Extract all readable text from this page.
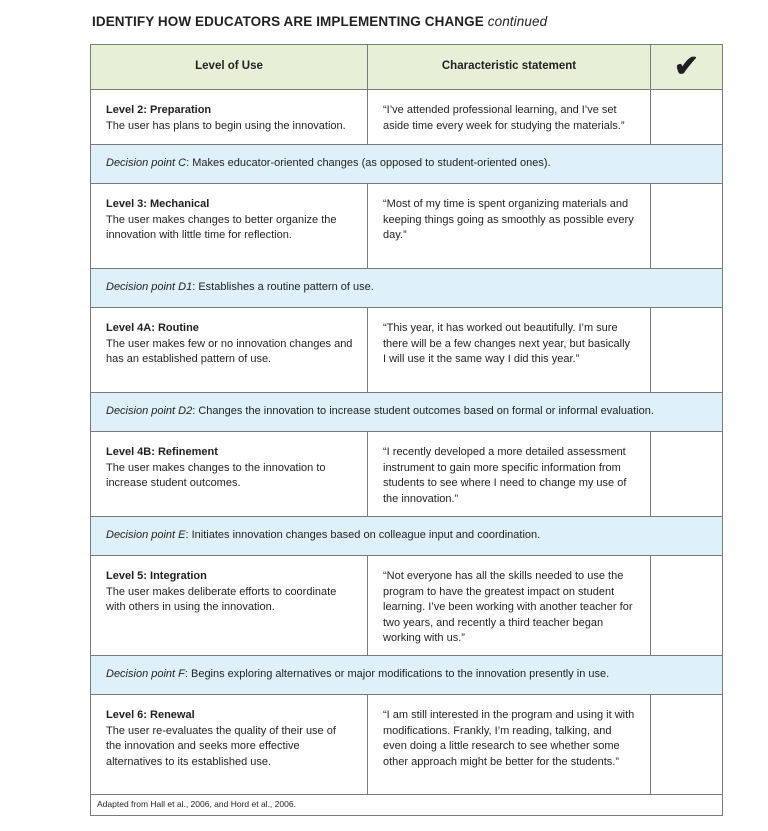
IDENTIFY HOW EDUCATORS ARE IMPLEMENTING CHANGE continued
Level of Use	Characteristic statement	✔

Level 2: Preparation
The user has plans to begin using the innovation.	“I’ve attended professional learning, and I’ve set aside time every week for studying the materials.”	
Decision point C: Makes educator-oriented changes (as opposed to student-oriented ones).		

Level 3: Mechanical
The user makes changes to better organize the innovation with little time for reflection.	“Most of my time is spent organizing materials and keeping things going as smoothly as possible every day.”	
Decision point D1: Establishes a routine pattern of use.		

Level 4A: Routine
The user makes few or no innovation changes and has an established pattern of use.	“This year, it has worked out beautifully. I’m sure there will be a few changes next year, but basically I will use it the same way I did this year.”	
Decision point D2: Changes the innovation to increase student outcomes based on formal or informal evaluation.		

Level 4B: Refinement
The user makes changes to the innovation to increase student outcomes.	“I recently developed a more detailed assessment instrument to gain more specific information from students to see where I need to change my use of the innovation.”	
Decision point E: Initiates innovation changes based on colleague input and coordination.		

Level 5: Integration
The user makes deliberate efforts to coordinate with others in using the innovation.	“Not everyone has all the skills needed to use the program to have the greatest impact on student learning. I’ve been working with another teacher for two years, and recently a third teacher began working with us.”	
Decision point F: Begins exploring alternatives or major modifications to the innovation presently in use.		

Level 6: Renewal
The user re-evaluates the quality of their use of the innovation and seeks more effective alternatives to its established use.	“I am still interested in the program and using it with modifications. Frankly, I’m reading, talking, and even doing a little research to see whether some other approach might be better for the students.”	
Adapted from Hall et al., 2006, and Hord et al., 2006.		
